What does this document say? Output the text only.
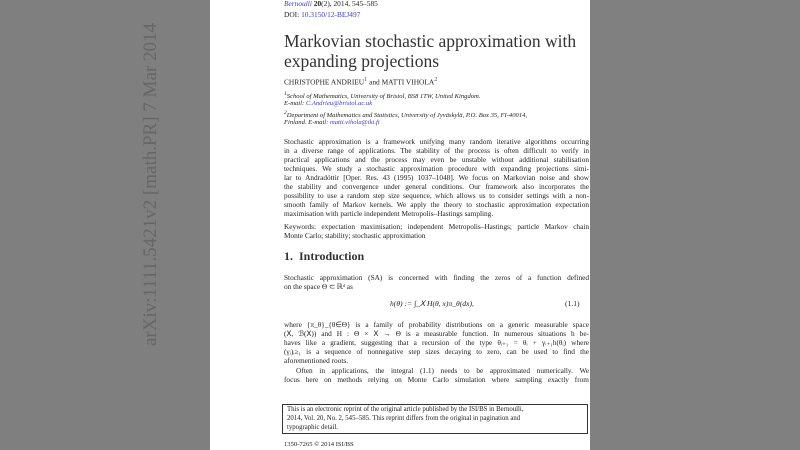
arXiv:1111.5421v2 [math.PR] 7 Mar 2014
Bernoulli 20(2), 2014, 545–585
DOI: 10.3150/12-BEJ497
Markovian stochastic approximation with
expanding projections
CHRISTOPHE ANDRIEU$^1$ and MATTI VIHOLA$^2$
$^1$School of Mathematics, University of Bristol, BS8 1TW, United Kingdom.
E-mail: C.Andrieu@bristol.ac.uk
$^2$Department of Mathematics and Statistics, University of Jyväskylä, P.O. Box 35, FI-40014,
Finland. E-mail: matti.vihola@iki.fi
Stochastic approximation is a framework unifying many random iterative algorithms occurring
in a diverse range of applications. The stability of the process is often difficult to verify in
practical applications and the process may even be unstable without additional stabilisation
techniques. We study a stochastic approximation procedure with expanding projections simi-
lar to Andradóttir [Oper. Res. 43 (1995) 1037–1048]. We focus on Markovian noise and show
the stability and convergence under general conditions. Our framework also incorporates the
possibility to use a random step size sequence, which allows us to consider settings with a non-
smooth family of Markov kernels. We apply the theory to stochastic approximation expectation
maximisation with particle independent Metropolis–Hastings sampling.
Keywords: expectation maximisation; independent Metropolis–Hastings; particle Markov chain
Monte Carlo; stability; stochastic approximation
1. Introduction
Stochastic approximation (SA) is concerned with finding the zeros of a function defined
on the space Θ ⊂ ℝᵈ as
h(θ) := ∫_𝖷 H(θ, x)π_θ(dx),	(1.1)
where {π_θ}_{θ∈Θ} is a family of probability distributions on a generic measurable space
(𝖷, ℬ(𝖷)) and H : Θ × 𝖷 → Θ is a measurable function. In numerous situations h be-
haves like a gradient, suggesting that a recursion of the type θᵢ₊₁ = θᵢ + γᵢ₊₁h(θᵢ) where
(γᵢ)ᵢ≥₁ is a sequence of nonnegative step sizes decaying to zero, can be used to find the
aforementioned roots.
Often in applications, the integral (1.1) needs to be approximated numerically. We
focus here on methods relying on Monte Carlo simulation where sampling exactly from
This is an electronic reprint of the original article published by the ISI/BS in Bernoulli,
2014, Vol. 20, No. 2, 545–585. This reprint differs from the original in pagination and
typographic detail.
1350-7265 © 2014 ISI/BS
